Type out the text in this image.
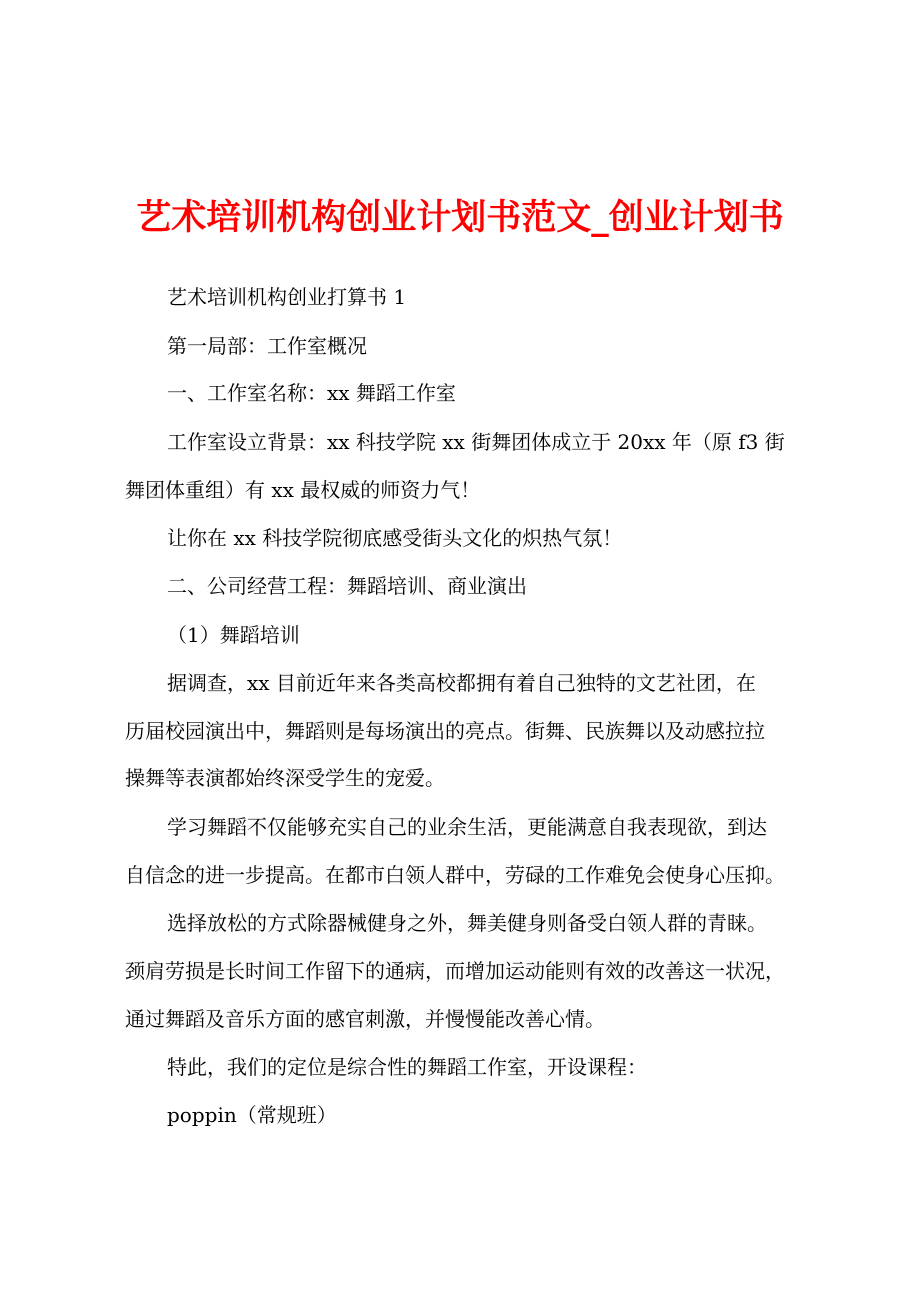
艺术培训机构创业计划书范文_创业计划书
艺术培训机构创业打算书 1
第一局部：工作室概况
一、工作室名称：xx 舞蹈工作室
工作室设立背景：xx 科技学院 xx 街舞团体成立于 20xx 年（原 f3 街
舞团体重组）有 xx 最权威的师资力气！
让你在 xx 科技学院彻底感受街头文化的炽热气氛！
二、公司经营工程：舞蹈培训、商业演出
（1）舞蹈培训
据调查，xx 目前近年来各类高校都拥有着自己独特的文艺社团，在
历届校园演出中，舞蹈则是每场演出的亮点。街舞、民族舞以及动感拉拉
操舞等表演都始终深受学生的宠爱。
学习舞蹈不仅能够充实自己的业余生活，更能满意自我表现欲，到达
自信念的进一步提高。在都市白领人群中，劳碌的工作难免会使身心压抑。
选择放松的方式除器械健身之外，舞美健身则备受白领人群的青睐。
颈肩劳损是长时间工作留下的通病，而增加运动能则有效的改善这一状况，
通过舞蹈及音乐方面的感官刺激，并慢慢能改善心情。
特此，我们的定位是综合性的舞蹈工作室，开设课程：
poppin（常规班）
